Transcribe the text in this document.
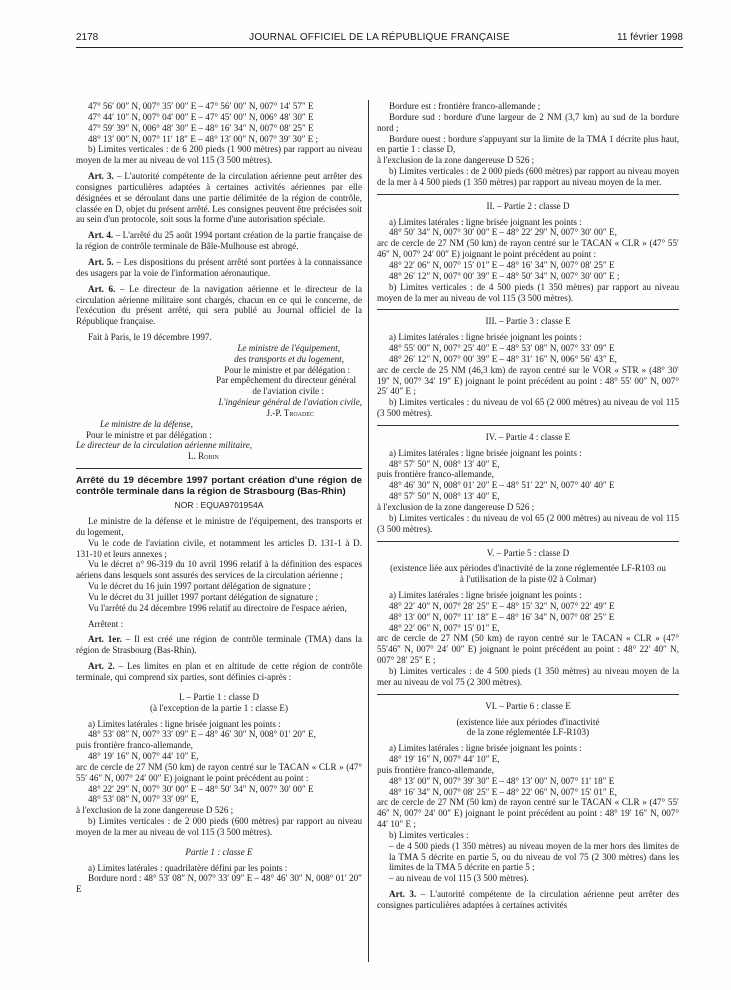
2178	JOURNAL OFFICIEL DE LA RÉPUBLIQUE FRANÇAISE	11 février 1998

47° 56′ 00″ N, 007° 35′ 00″ E – 47° 56′ 00″ N, 007° 14′ 57″ E

47° 44′ 10″ N, 007° 04′ 00″ E – 47° 45′ 00″ N, 006° 48′ 30″ E

47° 59′ 39″ N, 006° 48′ 30″ E – 48° 16′ 34″ N, 007° 08′ 25″ E

48° 13′ 00″ N, 007° 11′ 18″ E – 48° 13′ 00″ N, 007° 39′ 30″ E ;

b) Limites verticales : de 6 200 pieds (1 900 mètres) par rapport au niveau moyen de la mer au niveau de vol 115 (3 500 mètres).

Art. 3. – L'autorité compétente de la circulation aérienne peut arrêter des consignes particulières adaptées à certaines activités aériennes par elle désignées et se déroulant dans une partie délimitée de la région de contrôle, classée en D, objet du présent arrêté. Les consignes peuvent être précisées soit au sein d'un protocole, soit sous la forme d'une autorisation spéciale.

Art. 4. – L'arrêté du 25 août 1994 portant création de la partie française de la région de contrôle terminale de Bâle-Mulhouse est abrogé.

Art. 5. – Les dispositions du présent arrêté sont portées à la connaissance des usagers par la voie de l'information aéronautique.

Art. 6. – Le directeur de la navigation aérienne et le directeur de la circulation aérienne militaire sont chargés, chacun en ce qui le concerne, de l'exécution du présent arrêté, qui sera publié au Journal officiel de la République française.

Fait à Paris, le 19 décembre 1997.

Le ministre de l'équipement,

des transports et du logement,

Pour le ministre et par délégation :

Par empêchement du directeur général

de l'aviation civile :

L'ingénieur général de l'aviation civile,

J.-P. Troadec

Le ministre de la défense,

Pour le ministre et par délégation :

Le directeur de la circulation aérienne militaire,

L. Robin

Arrêté du 19 décembre 1997 portant création d'une région de contrôle terminale dans la région de Strasbourg (Bas-Rhin)

NOR : EQUA9701954A

Le ministre de la défense et le ministre de l'équipement, des transports et du logement,

Vu le code de l'aviation civile, et notamment les articles D. 131-1 à D. 131-10 et leurs annexes ;

Vu le décret n° 96-319 du 10 avril 1996 relatif à la définition des espaces aériens dans lesquels sont assurés des services de la circulation aérienne ;

Vu le décret du 16 juin 1997 portant délégation de signature ;

Vu le décret du 31 juillet 1997 portant délégation de signature ;

Vu l'arrêté du 24 décembre 1996 relatif au directoire de l'espace aérien,

Arrêtent :

Art. 1er. – Il est créé une région de contrôle terminale (TMA) dans la région de Strasbourg (Bas-Rhin).

Art. 2. – Les limites en plan et en altitude de cette région de contrôle terminale, qui comprend six parties, sont définies ci-après :

I. – Partie 1 : classe D

(à l'exception de la partie 1 : classe E)

a) Limites latérales : ligne brisée joignant les points :

48° 53′ 08″ N, 007° 33′ 09″ E – 48° 46′ 30″ N, 008° 01′ 20″ E,

puis frontière franco-allemande,

48° 19′ 16″ N, 007° 44′ 10″ E,

arc de cercle de 27 NM (50 km) de rayon centré sur le TACAN « CLR » (47° 55′ 46″ N, 007° 24′ 00″ E) joignant le point précédent au point :

48° 22′ 29″ N, 007° 30′ 00″ E – 48° 50′ 34″ N, 007° 30′ 00″ E

48° 53′ 08″ N, 007° 33′ 09″ E,

à l'exclusion de la zone dangereuse D 526 ;

b) Limites verticales : de 2 000 pieds (600 mètres) par rapport au niveau moyen de la mer au niveau de vol 115 (3 500 mètres).

Partie 1 : classe E

a) Limites latérales : quadrilatère défini par les points :

Bordure nord : 48° 53′ 08″ N, 007° 33′ 09″ E – 48° 46′ 30″ N, 008° 01′ 20″ E

Bordure est : frontière franco-allemande ;

Bordure sud : bordure d'une largeur de 2 NM (3,7 km) au sud de la bordure nord ;

Bordure ouest : bordure s'appuyant sur la limite de la TMA 1 décrite plus haut, en partie 1 : classe D,

à l'exclusion de la zone dangereuse D 526 ;

b) Limites verticales : de 2 000 pieds (600 mètres) par rapport au niveau moyen de la mer à 4 500 pieds (1 350 mètres) par rapport au niveau moyen de la mer.

II. – Partie 2 : classe D

a) Limites latérales : ligne brisée joignant les points :

48° 50′ 34″ N, 007° 30′ 00″ E – 48° 22′ 29″ N, 007° 30′ 00″ E,

arc de cercle de 27 NM (50 km) de rayon centré sur le TACAN « CLR » (47° 55′ 46″ N, 007° 24′ 00″ E) joignant le point précédent au point :

48° 22′ 06″ N, 007° 15′ 01″ E – 48° 16′ 34″ N, 007° 08′ 25″ E

48° 26′ 12″ N, 007° 00′ 39″ E – 48° 50′ 34″ N, 007° 30′ 00″ E ;

b) Limites verticales : de 4 500 pieds (1 350 mètres) par rapport au niveau moyen de la mer au niveau de vol 115 (3 500 mètres).

III. – Partie 3 : classe E

a) Limites latérales : ligne brisée joignant les points :

48° 55′ 00″ N, 007° 25′ 40″ E – 48° 53′ 08″ N, 007° 33′ 09″ E

48° 26′ 12″ N, 007° 00′ 39″ E – 48° 31′ 16″ N, 006° 56′ 43″ E,

arc de cercle de 25 NM (46,3 km) de rayon centré sur le VOR « STR » (48° 30′ 19″ N, 007° 34′ 19″ E) joignant le point précédent au point : 48° 55′ 00″ N, 007° 25′ 40″ E ;

b) Limites verticales : du niveau de vol 65 (2 000 mètres) au niveau de vol 115 (3 500 mètres).

IV. – Partie 4 : classe E

a) Limites latérales : ligne brisée joignant les points :

48° 57′ 50″ N, 008° 13′ 40″ E,

puis frontière franco-allemande,

48° 46′ 30″ N, 008° 01′ 20″ E – 48° 51′ 22″ N, 007° 40′ 40″ E

48° 57′ 50″ N, 008° 13′ 40″ E,

à l'exclusion de la zone dangereuse D 526 ;

b) Limites verticales : du niveau de vol 65 (2 000 mètres) au niveau de vol 115 (3 500 mètres).

V. – Partie 5 : classe D

(existence liée aux périodes d'inactivité de la zone réglementée LF-R103 ou à l'utilisation de la piste 02 à Colmar)

a) Limites latérales : ligne brisée joignant les points :

48° 22′ 40″ N, 007° 28′ 25″ E – 48° 15′ 32″ N, 007° 22′ 49″ E

48° 13′ 00″ N, 007° 11′ 18″ E – 48° 16′ 34″ N, 007° 08′ 25″ E

48° 22′ 06″ N, 007° 15′ 01″ E,

arc de cercle de 27 NM (50 km) de rayon centré sur le TACAN « CLR » (47° 55′46″ N, 007° 24′ 00″ E) joignant le point précédent au point : 48° 22′ 40″ N, 007° 28′ 25″ E ;

b) Limites verticales : de 4 500 pieds (1 350 mètres) au niveau moyen de la mer au niveau de vol 75 (2 300 mètres).

VI. – Partie 6 : classe E

(existence liée aux périodes d'inactivité

de la zone réglementée LF-R103)

a) Limites latérales : ligne brisée joignant les points :

48° 19′ 16″ N, 007° 44′ 10″ E,

puis frontière franco-allemande,

48° 13′ 00″ N, 007° 39′ 30″ E – 48° 13′ 00″ N, 007° 11′ 18″ E

48° 16′ 34″ N, 007° 08′ 25″ E – 48° 22′ 06″ N, 007° 15′ 01″ E,

arc de cercle de 27 NM (50 km) de rayon centré sur le TACAN « CLR » (47° 55′ 46″ N, 007° 24′ 00″ E) joignant le point précédent au point : 48° 19′ 16″ N, 007° 44′ 10″ E ;

b) Limites verticales :

– de 4 500 pieds (1 350 mètres) au niveau moyen de la mer hors des limites de la TMA 5 décrite en partie 5, ou du niveau de vol 75 (2 300 mètres) dans les limites de la TMA 5 décrite en partie 5 ;

– au niveau de vol 115 (3 500 mètres).

Art. 3. – L'autorité compétente de la circulation aérienne peut arrêter des consignes particulières adaptées à certaines activités
